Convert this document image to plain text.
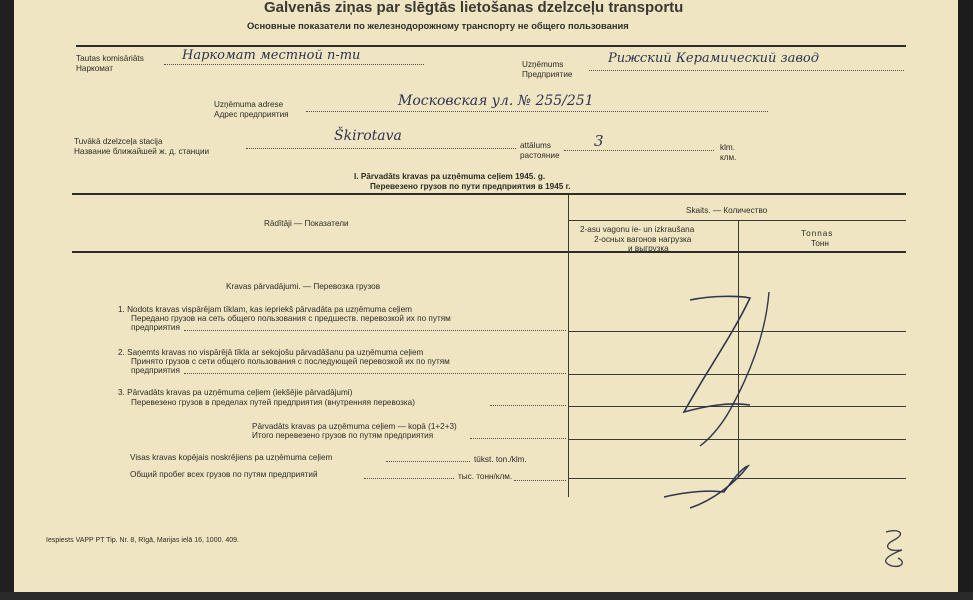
Galvenās ziņas par slēgtās lietošanas dzelzceļu transportu
Основные показатели по железнодорожному транспорту не общего пользования
Tautas komisāriāts
Наркомат
Наркомат местной п-ти
Uzņēmums
Предприятие
Рижский Керамический завод
Uzņēmuma adrese
Адрес предприятия
Московская ул. № 255/251
Tuvākā dzelzceļa stacija
Название ближайшей ж. д. станции
Škirotava
attālums
растояние
3	klm.
клм.
I. Pārvadāts kravas pa uzņēmuma ceļiem 1945. g.
Перевезено грузов по пути предприятия в 1945 г.
Rādītāji — Показатели
Skaits. — Количество
2-asu vagonu ie- un izkraušana
2-осных вагонов нагрузка
и выгрузка
Tonnas
Тонн
Kravas pārvadājumi. — Перевозка грузов
1. Nodots kravas vispārējam tīklam, kas iepriekš pārvadāta pa uzņēmuma ceļiem
Передано грузов на сеть общего пользования с предшеств. перевозкой их по путям
предприятия
2. Saņemts kravas no vispārējā tīkla ar sekojošu pārvadāšanu pa uzņēmuma ceļiem
Принято грузов с сети общего пользования с последующей перевозкой их по путям
предприятия
3. Pārvadāts kravas pa uzņēmuma ceļiem (iekšējie pārvadājumi)
Перевезено грузов в пределах путей предприятия (внутренняя перевозка)
Pārvadāts kravas pa uzņēmuma ceļiem — kopā (1+2+3)
Итого перевезено грузов по путям предприятия
Visas kravas kopējais noskrējiens pa uzņēmuma ceļiem	tūkst. ton./klm.
Общий пробег всех грузов по путям предприятий	тыс. тонн/клм.
Iespiests VAPP PT Tip. Nr. 8, Rīgā, Marijas ielā 16, 1000. 409.
